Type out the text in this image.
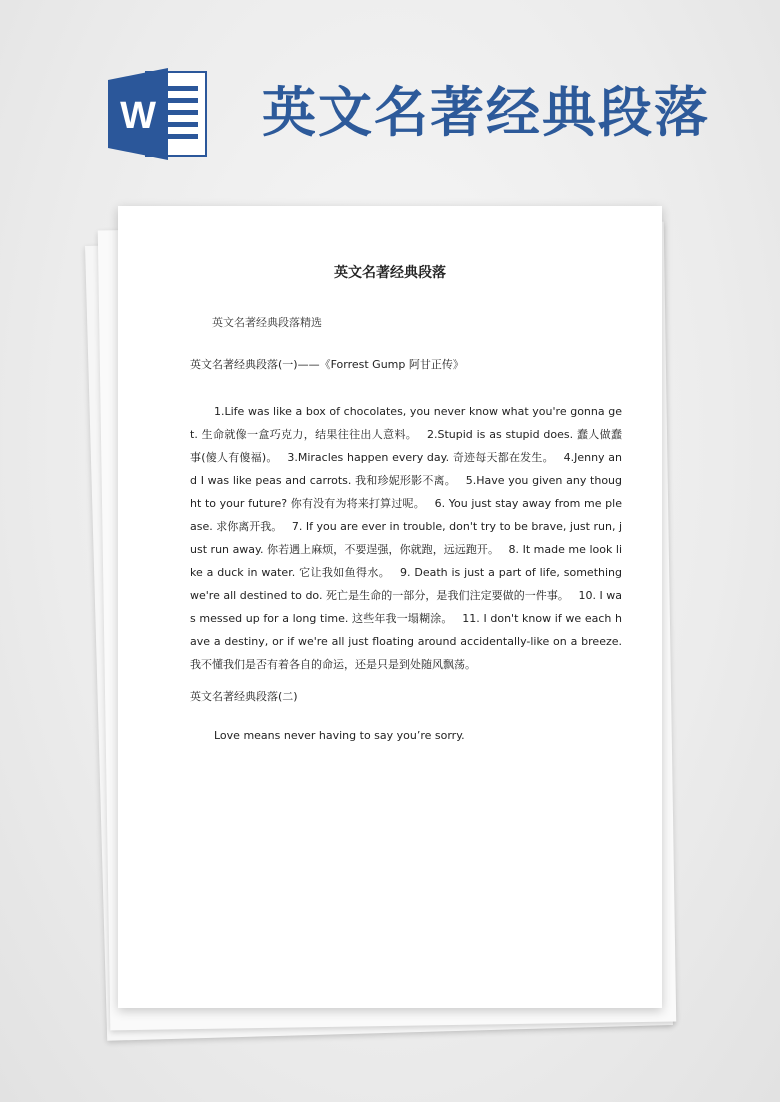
W 英文名著经典段落
英文名著经典段落
英文名著经典段落精选
英文名著经典段落(一)——《Forrest Gump 阿甘正传》
1.Life was like a box of chocolates, you never know what you're gonna get. 生命就像一盒巧克力，结果往往出人意料。 2.Stupid is as stupid does. 蠢人做蠢事(傻人有傻福)。 3.Miracles happen every day. 奇迹每天都在发生。 4.Jenny and I was like peas and carrots. 我和珍妮形影不离。 5.Have you given any thought to your future? 你有没有为将来打算过呢。 6. You just stay away from me please. 求你离开我。 7. If you are ever in trouble, don't try to be brave, just run, just run away. 你若遇上麻烦，不要逞强，你就跑，远远跑开。 8. It made me look like a duck in water. 它让我如鱼得水。 9. Death is just a part of life, something we're all destined to do. 死亡是生命的一部分，是我们注定要做的一件事。 10. I was messed up for a long time. 这些年我一塌糊涂。 11. I don't know if we each have a destiny, or if we're all just floating around accidentally-like on a breeze. 我不懂我们是否有着各自的命运，还是只是到处随风飘荡。
英文名著经典段落(二)
Love means never having to say you’re sorry.
